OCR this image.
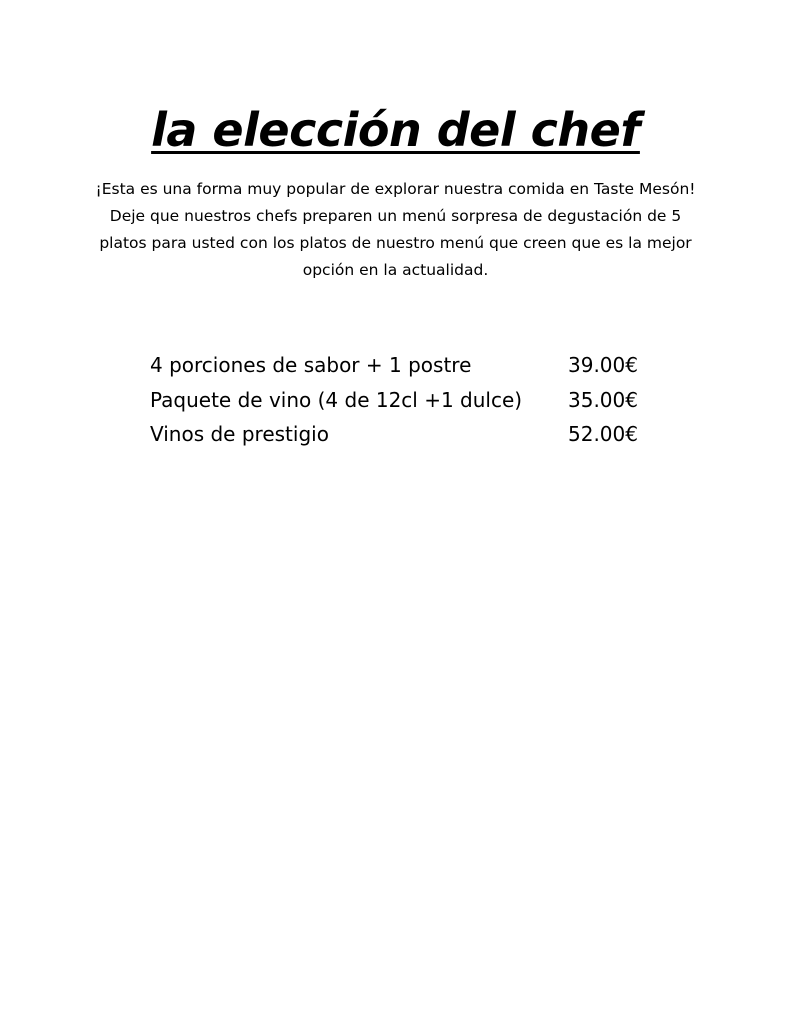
la elección del chef

¡Esta es una forma muy popular de explorar nuestra comida en Taste Mesón! Deje que nuestros chefs preparen un menú sorpresa de degustación de 5 platos para usted con los platos de nuestro menú que creen que es la mejor opción en la actualidad.

4 porciones de sabor + 1 postre	39.00€
Paquete de vino (4 de 12cl +1 dulce) 35.00€
Vinos de prestigio	52.00€
